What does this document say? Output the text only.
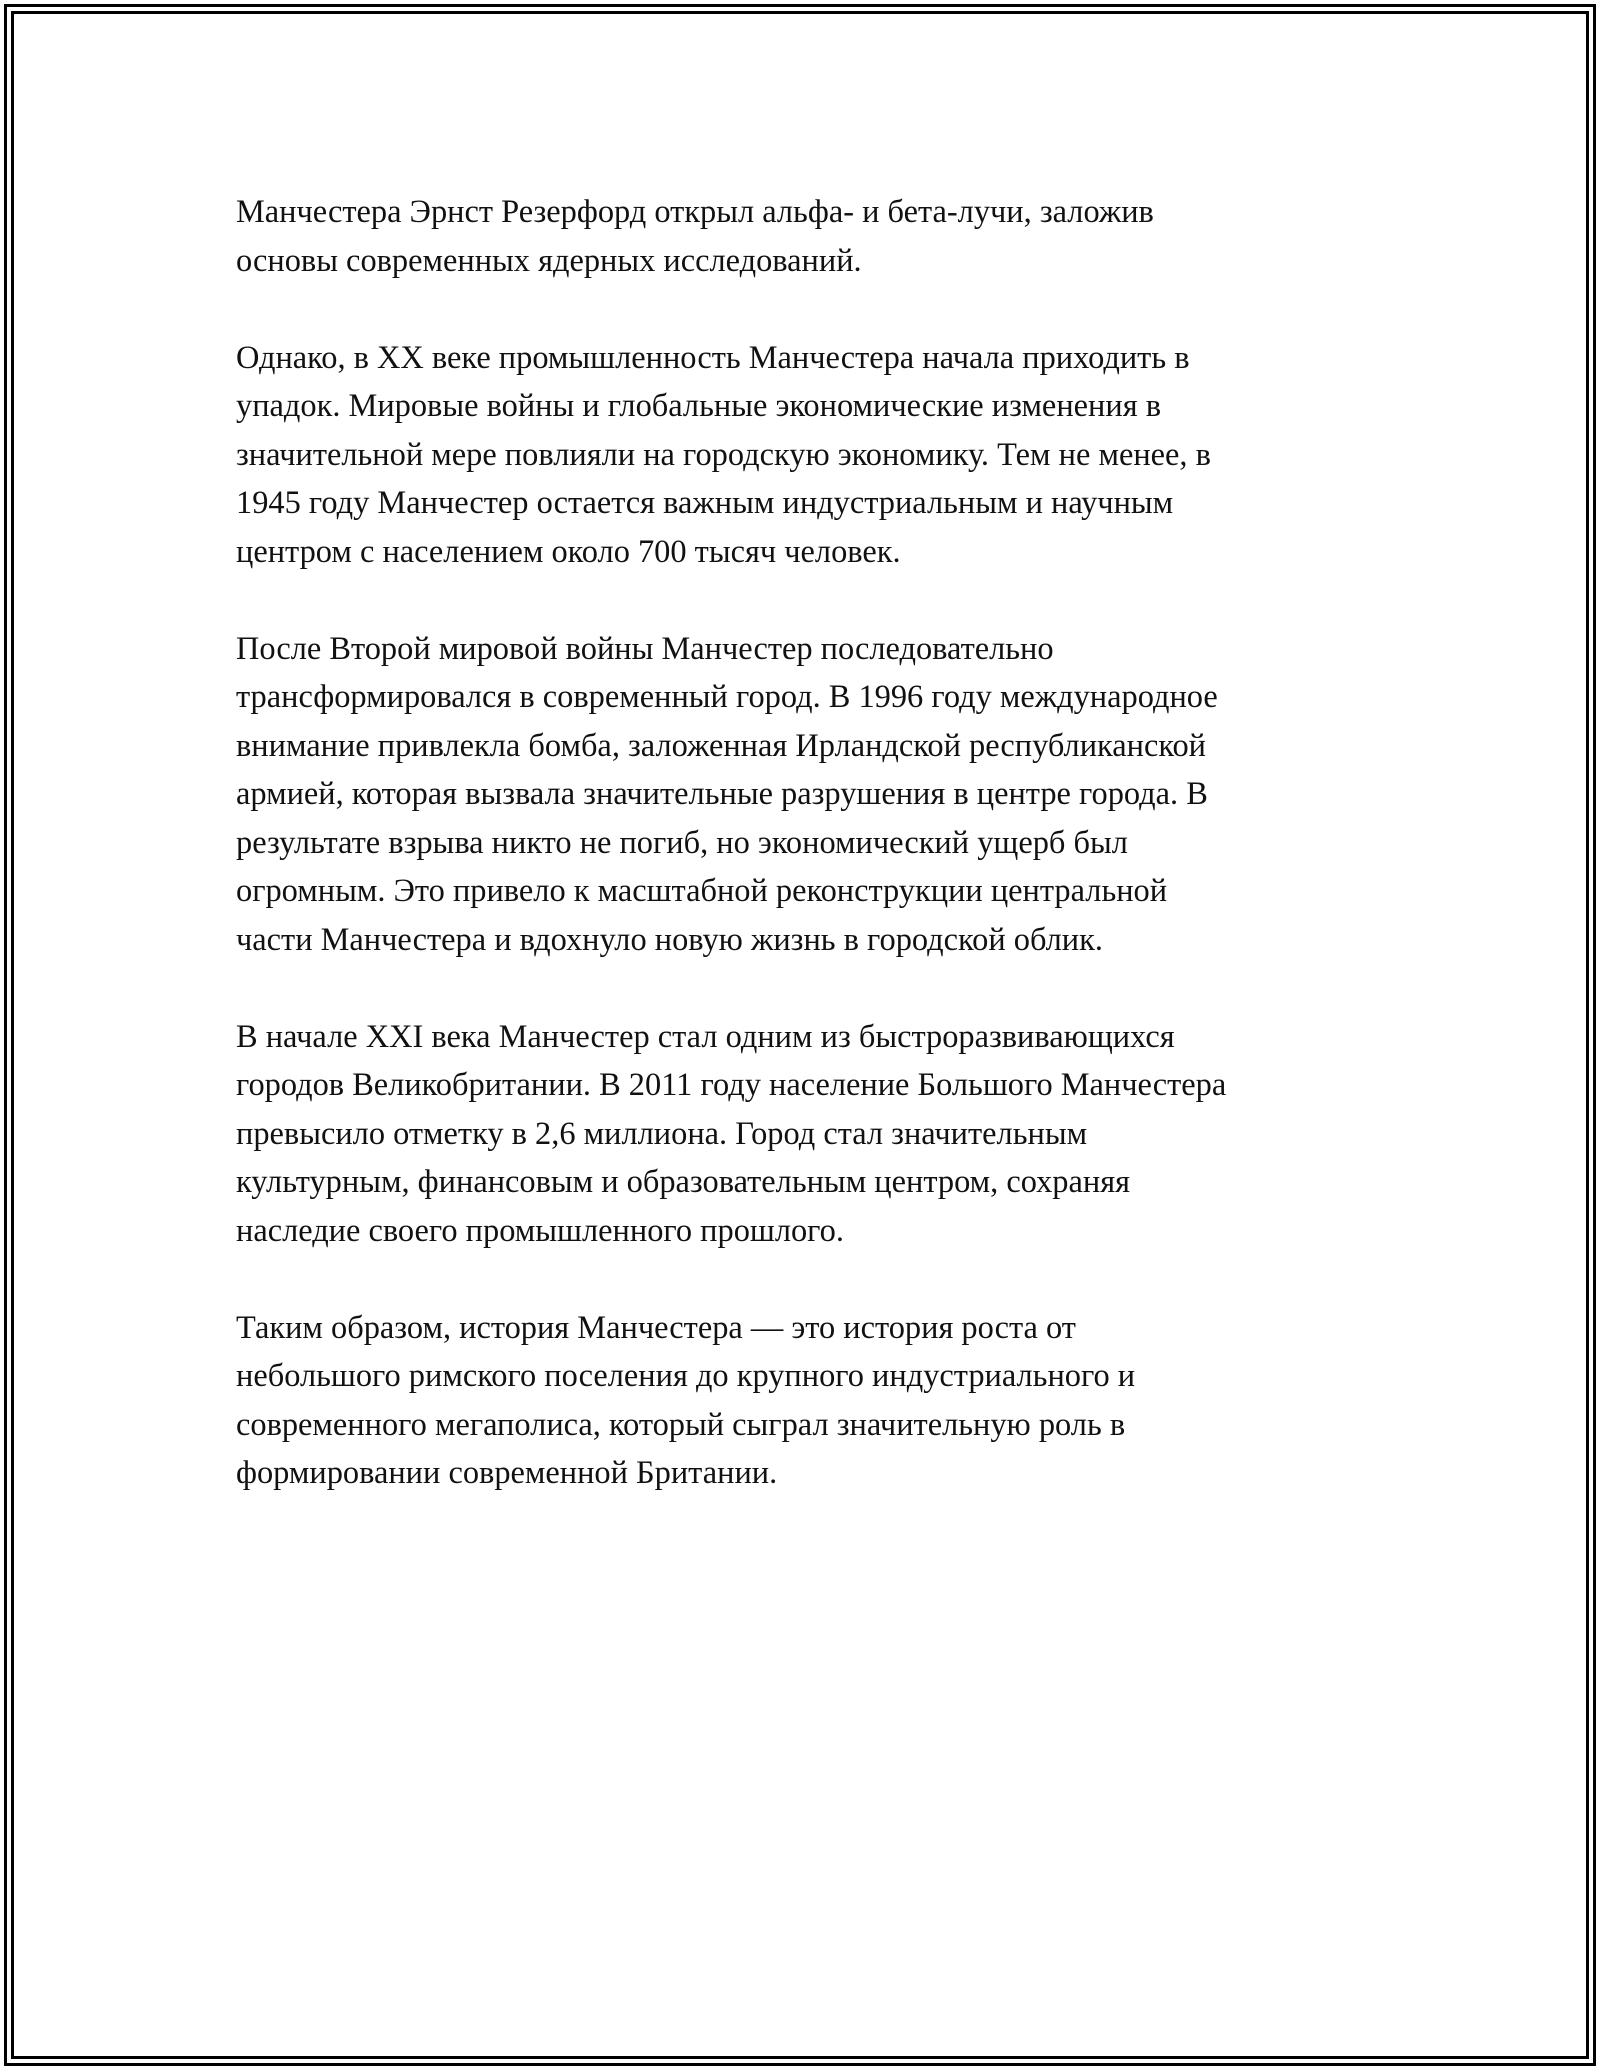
Манчестера Эрнст Резерфорд открыл альфа- и бета-лучи, заложив
основы современных ядерных исследований.

Однако, в XX веке промышленность Манчестера начала приходить в
упадок. Мировые войны и глобальные экономические изменения в
значительной мере повлияли на городскую экономику. Тем не менее, в
1945 году Манчестер остается важным индустриальным и научным
центром с населением около 700 тысяч человек.

После Второй мировой войны Манчестер последовательно
трансформировался в современный город. В 1996 году международное
внимание привлекла бомба, заложенная Ирландской республиканской
армией, которая вызвала значительные разрушения в центре города. В
результате взрыва никто не погиб, но экономический ущерб был
огромным. Это привело к масштабной реконструкции центральной
части Манчестера и вдохнуло новую жизнь в городской облик.

В начале XXI века Манчестер стал одним из быстроразвивающихся
городов Великобритании. В 2011 году население Большого Манчестера
превысило отметку в 2,6 миллиона. Город стал значительным
культурным, финансовым и образовательным центром, сохраняя
наследие своего промышленного прошлого.

Таким образом, история Манчестера — это история роста от
небольшого римского поселения до крупного индустриального и
современного мегаполиса, который сыграл значительную роль в
формировании современной Британии.
